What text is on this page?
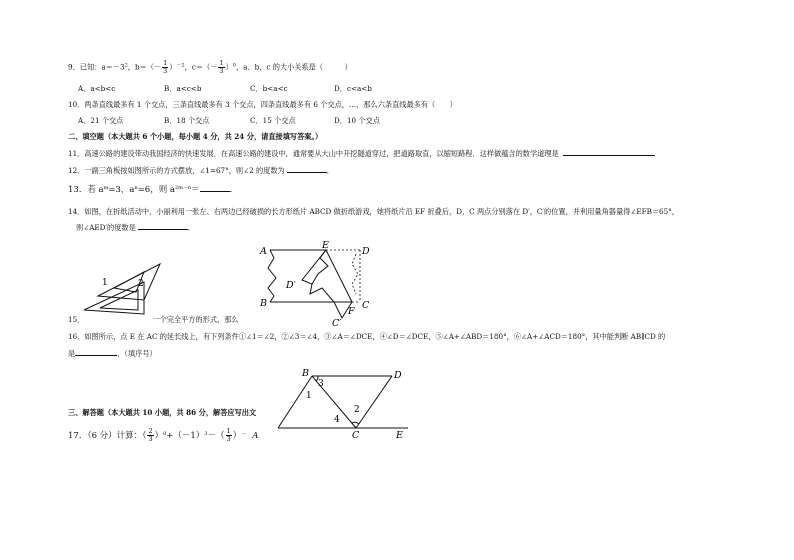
9．已知：$a=-3^2$，$b=(- \frac{1}{3} )^{-2}$，$c=(- \frac{1}{3} )^0$，a、b、c 的大小关系是（　　　）
A．a<b<c	B．a<c<b	C．b<a<c	D．c<a<b
10．两条直线最多有 1 个交点，三条直线最多有 3 个交点，四条直线最多有 6 个交点，…，那么六条直线最多有（　　）
A．21 个交点	B．18 个交点	C．15 个交点	D．10 个交点
二、填空题（本大题共 6 个小题，每小题 4 分，共 24 分，请直接填写答案。）
11．高速公路的建设带动我国经济的快速发展．在高速公路的建设中，通常要从大山中开挖隧道穿过，把道路取直，以缩短路程．这样做蕴含的数学道理是
12．一副三角板按如图所示的方式摆放，∠1=67°，则∠2 的度数为	．
13．若 $a^m=3$，$a^n=6$，则 $a^{2m-n}=$	．
14．如图，在折纸活动中，小丽利用一张左、右两边已经破损的长方形纸片 ABCD 做折纸游戏，她将纸片沿 EF 折叠后，D，C 两点分别落在 D′，C′的位置，并利用量角器量得∠EFB＝65°，
则∠AED′的度数是	．
1	2
A
E
D
D′
B
F
C
C′
15．	一个完全平方的形式，那么
16．如图所示，点 E 在 AC 的延长线上，有下列条件①∠1＝∠2，②∠3＝∠4，③∠A＝∠DCE，④∠D＝∠DCE，⑤∠A+∠ABD＝180°，⑥∠A+∠ACD＝180°，其中能判断 AB∥CD 的
是	．（填序号）
B
3
D
1
2
4
C	E
三、解答题（本大题共 10 小题，共 86 分，解答应写出文
17．（6 分）计算：（ $\frac{2}{3} )^0+(-1)^3-( \frac{1}{3} )^-$ A
